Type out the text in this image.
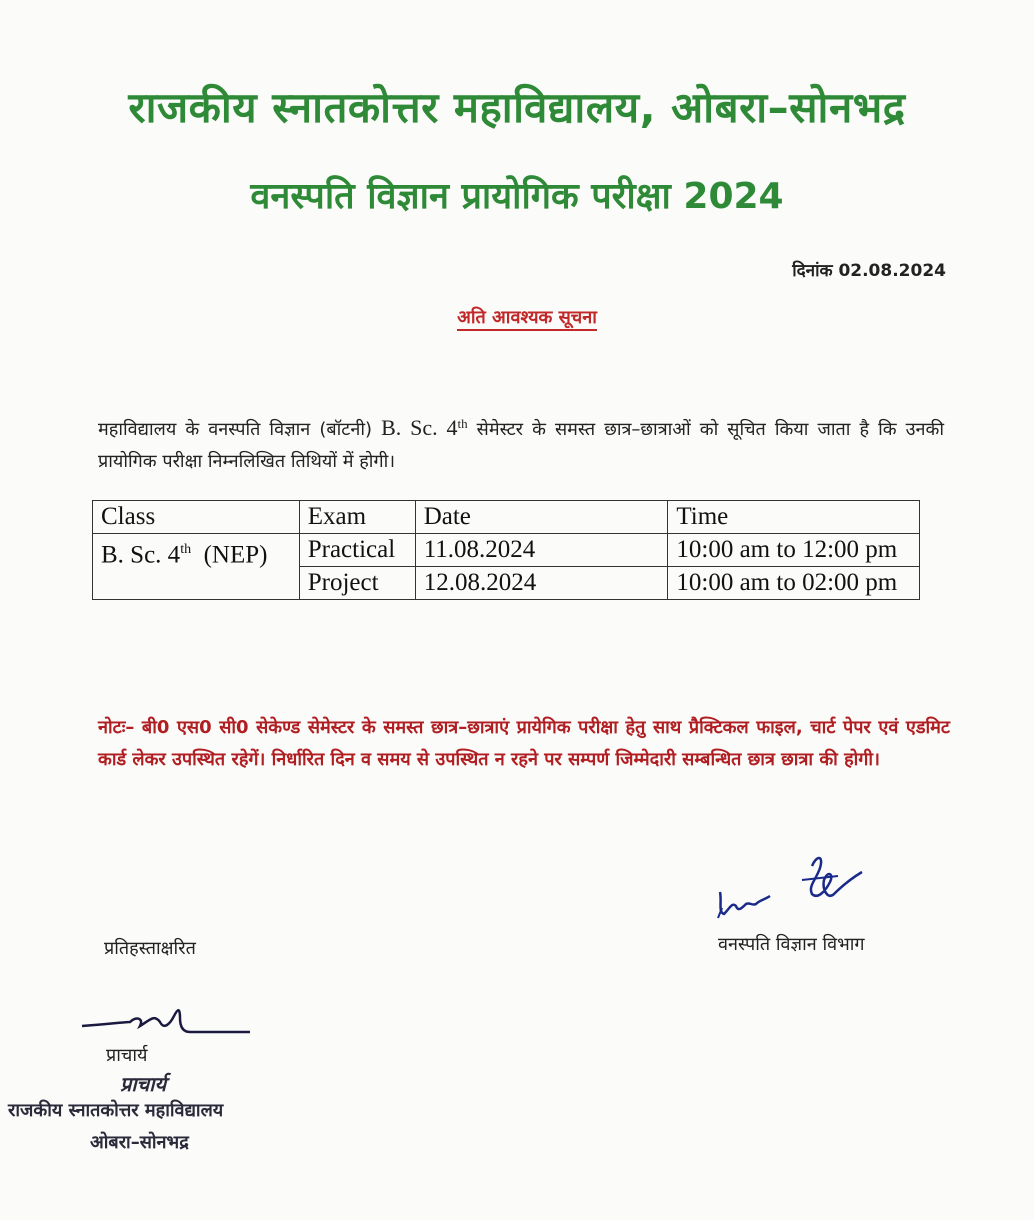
राजकीय स्नातकोत्तर महाविद्यालय, ओबरा–सोनभद्र
वनस्पति विज्ञान प्रायोगिक परीक्षा 2024
दिनांक 02.08.2024
अति आवश्यक सूचना
महाविद्यालय के वनस्पति विज्ञान (बॉटनी) B. Sc. 4th सेमेस्टर के समस्त छात्र–छात्राओं को सूचित किया जाता है कि उनकी प्रायोगिक परीक्षा निम्नलिखित तिथियों में होगी।
Class	Exam	Date	Time
B. Sc. 4th  (NEP)	Practical	11.08.2024	10:00 am to 12:00 pm
	Project	12.08.2024	10:00 am to 02:00 pm
नोटः– बी0 एस0 सी0 सेकेण्ड सेमेस्टर के समस्त छात्र–छात्राएं प्रायेगिक परीक्षा हेतु साथ प्रैक्टिकल फाइल, चार्ट पेपर एवं एडमिट कार्ड लेकर उपस्थित रहेगें। निर्धारित दिन व समय से उपस्थित न रहने पर सम्पर्ण जिम्मेदारी सम्बन्धित छात्र छात्रा की होगी।
वनस्पति विज्ञान विभाग
प्रतिहस्ताक्षरित
प्राचार्य
प्राचार्य
राजकीय स्नातकोत्तर महाविद्यालय
ओबरा–सोनभद्र
